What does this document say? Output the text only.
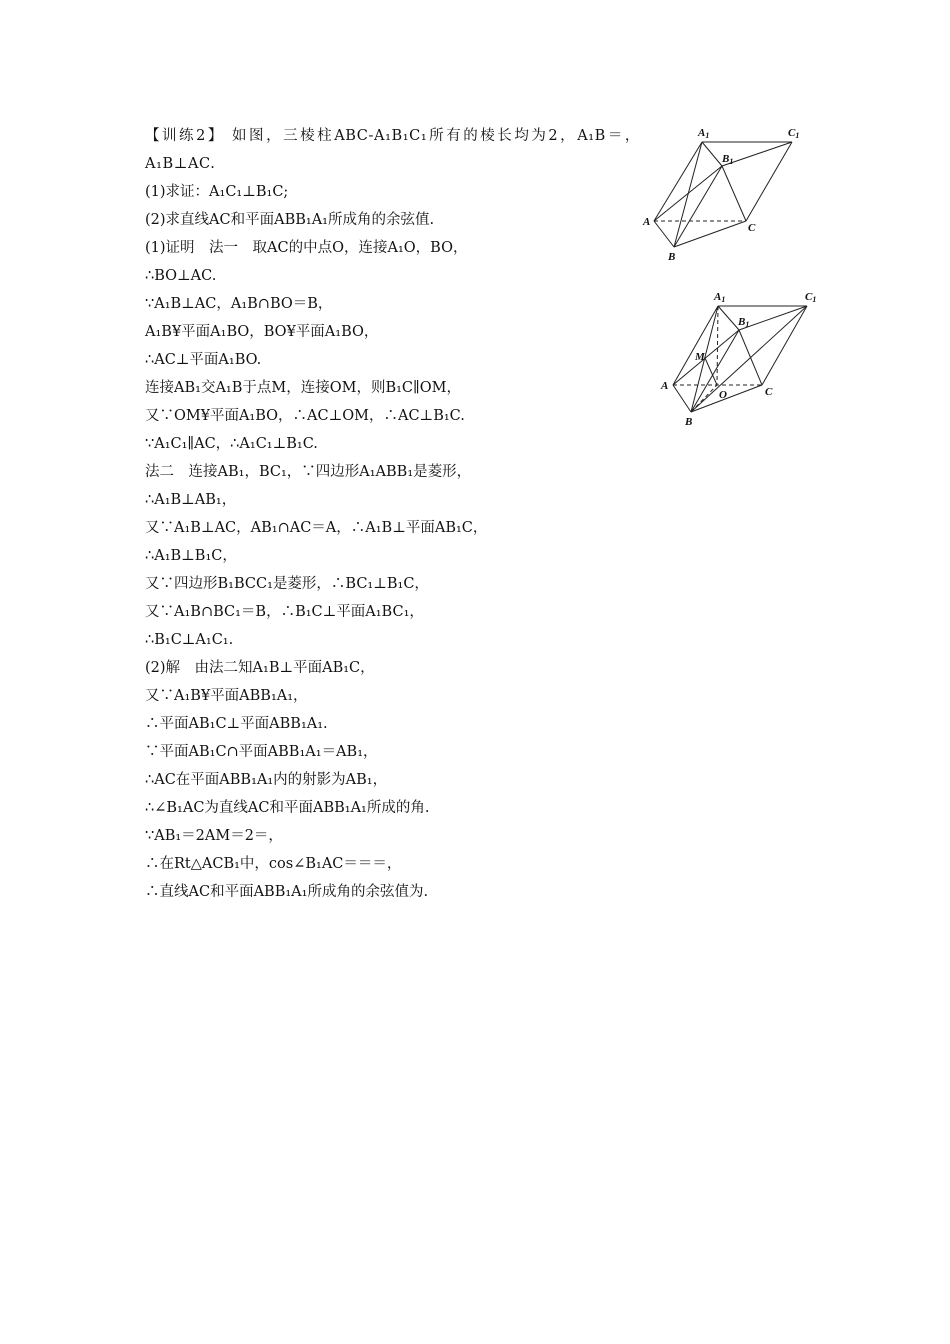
【训练2】 如图，三棱柱ABC-A₁B₁C₁所有的棱长均为2，A₁B＝，A₁B⊥AC.
(1)求证：A₁C₁⊥B₁C;
(2)求直线AC和平面ABB₁A₁所成角的余弦值.
(1)证明　法一　取AC的中点O，连接A₁O，BO，
∴BO⊥AC.
∵A₁B⊥AC，A₁B∩BO＝B，
A₁B¥平面A₁BO，BO¥平面A₁BO，
∴AC⊥平面A₁BO.
连接AB₁交A₁B于点M，连接OM，则B₁C∥OM，
又∵OM¥平面A₁BO，∴AC⊥OM，∴AC⊥B₁C.
∵A₁C₁∥AC，∴A₁C₁⊥B₁C.
法二　连接AB₁，BC₁，∵四边形A₁ABB₁是菱形，
∴A₁B⊥AB₁，
又∵A₁B⊥AC，AB₁∩AC＝A，∴A₁B⊥平面AB₁C，
∴A₁B⊥B₁C，
又∵四边形B₁BCC₁是菱形，∴BC₁⊥B₁C，
又∵A₁B∩BC₁＝B，∴B₁C⊥平面A₁BC₁，
∴B₁C⊥A₁C₁.
(2)解　由法二知A₁B⊥平面AB₁C，
又∵A₁B¥平面ABB₁A₁，
∴平面AB₁C⊥平面ABB₁A₁.
∵平面AB₁C∩平面ABB₁A₁＝AB₁，
∴AC在平面ABB₁A₁内的射影为AB₁，
∴∠B₁AC为直线AC和平面ABB₁A₁所成的角.
∵AB₁＝2AM＝2＝，
∴在Rt△ACB₁中，cos∠B₁AC＝＝＝，
∴直线AC和平面ABB₁A₁所成角的余弦值为.
A1	C1
B1
A
B
C
A1	C1
B1
M
O
A
B
C
